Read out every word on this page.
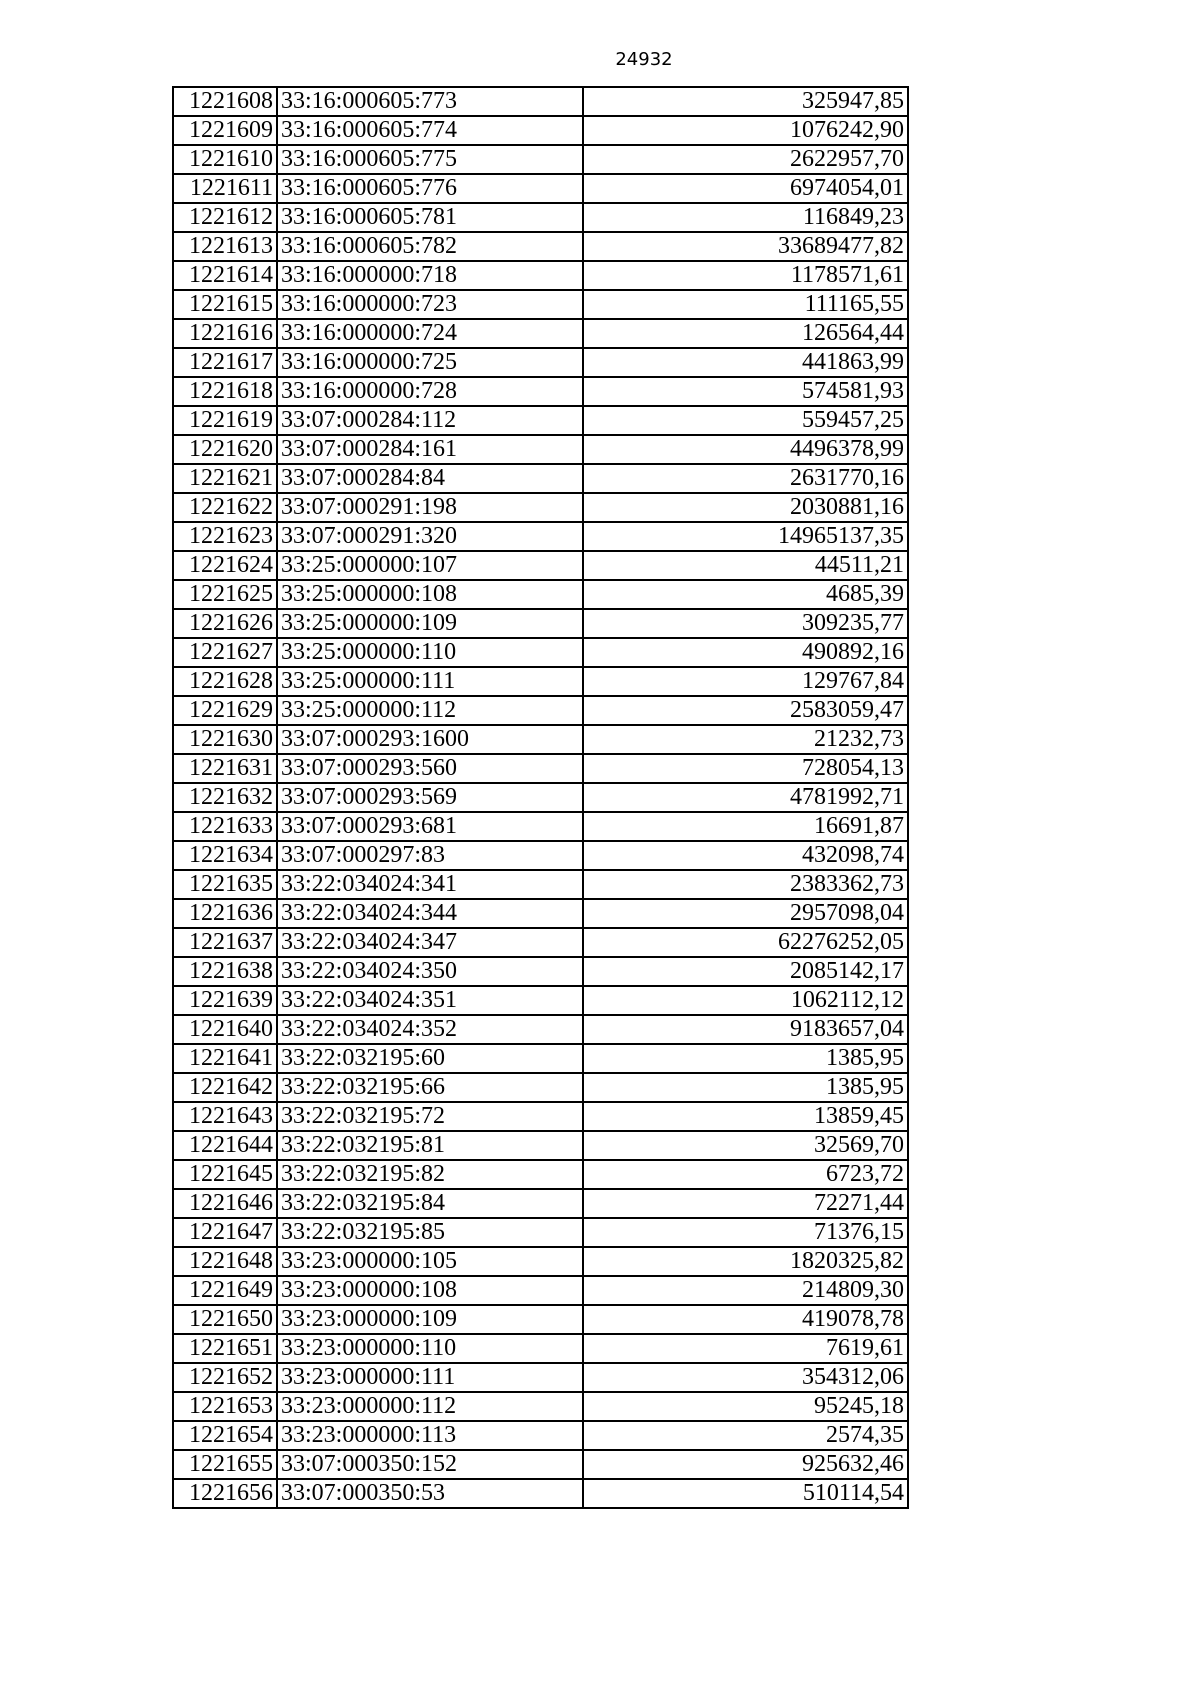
24932
1221608	33:16:000605:773	325947,85
1221609	33:16:000605:774	1076242,90
1221610	33:16:000605:775	2622957,70
1221611	33:16:000605:776	6974054,01
1221612	33:16:000605:781	116849,23
1221613	33:16:000605:782	33689477,82
1221614	33:16:000000:718	1178571,61
1221615	33:16:000000:723	111165,55
1221616	33:16:000000:724	126564,44
1221617	33:16:000000:725	441863,99
1221618	33:16:000000:728	574581,93
1221619	33:07:000284:112	559457,25
1221620	33:07:000284:161	4496378,99
1221621	33:07:000284:84	2631770,16
1221622	33:07:000291:198	2030881,16
1221623	33:07:000291:320	14965137,35
1221624	33:25:000000:107	44511,21
1221625	33:25:000000:108	4685,39
1221626	33:25:000000:109	309235,77
1221627	33:25:000000:110	490892,16
1221628	33:25:000000:111	129767,84
1221629	33:25:000000:112	2583059,47
1221630	33:07:000293:1600	21232,73
1221631	33:07:000293:560	728054,13
1221632	33:07:000293:569	4781992,71
1221633	33:07:000293:681	16691,87
1221634	33:07:000297:83	432098,74
1221635	33:22:034024:341	2383362,73
1221636	33:22:034024:344	2957098,04
1221637	33:22:034024:347	62276252,05
1221638	33:22:034024:350	2085142,17
1221639	33:22:034024:351	1062112,12
1221640	33:22:034024:352	9183657,04
1221641	33:22:032195:60	1385,95
1221642	33:22:032195:66	1385,95
1221643	33:22:032195:72	13859,45
1221644	33:22:032195:81	32569,70
1221645	33:22:032195:82	6723,72
1221646	33:22:032195:84	72271,44
1221647	33:22:032195:85	71376,15
1221648	33:23:000000:105	1820325,82
1221649	33:23:000000:108	214809,30
1221650	33:23:000000:109	419078,78
1221651	33:23:000000:110	7619,61
1221652	33:23:000000:111	354312,06
1221653	33:23:000000:112	95245,18
1221654	33:23:000000:113	2574,35
1221655	33:07:000350:152	925632,46
1221656	33:07:000350:53	510114,54
